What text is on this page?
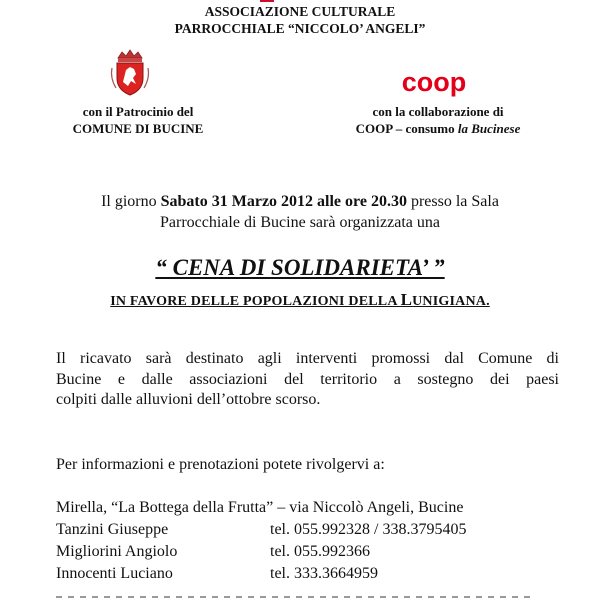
ASSOCIAZIONE CULTURALE
PARROCCHIALE “NICCOLO’ ANGELI”
coop
con il Patrocinio del
COMUNE DI BUCINE
con la collaborazione di
COOP – consumo la Bucinese
Il giorno Sabato 31 Marzo 2012 alle ore 20.30 presso la Sala
Parrocchiale di Bucine sarà organizzata una
“ CENA DI SOLIDARIETA’ ”
IN FAVORE DELLE POPOLAZIONI DELLA LUNIGIANA.
Il ricavato sarà destinato agli interventi promossi dal Comune di
Bucine e dalle associazioni del territorio a sostegno dei paesi
colpiti dalle alluvioni dell’ottobre scorso.
Per informazioni e prenotazioni potete rivolgervi a:
Mirella, “La Bottega della Frutta” – via Niccolò Angeli, Bucine
Tanzini Giuseppe	tel. 055.992328 / 338.3795405
Migliorini Angiolo	tel. 055.992366
Innocenti Luciano	tel. 333.3664959
